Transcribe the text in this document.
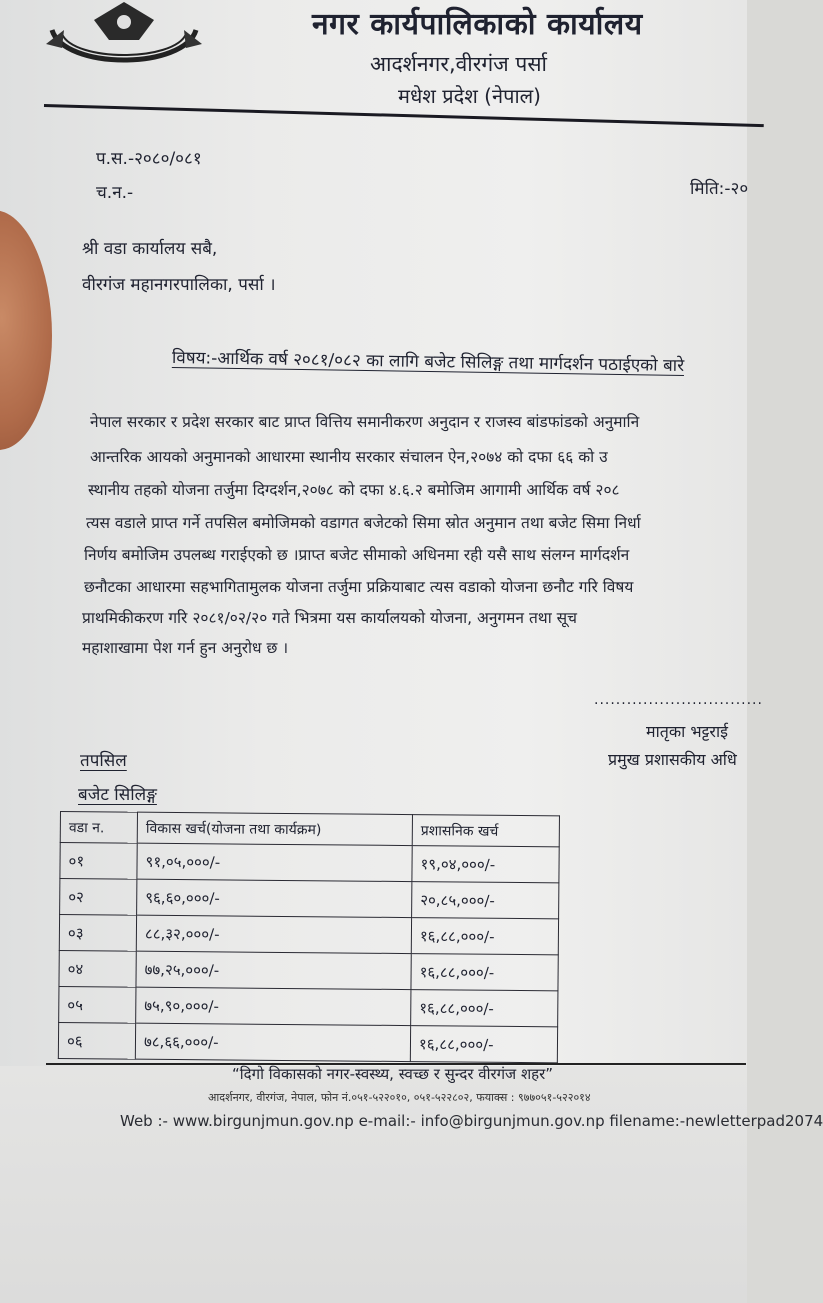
नगर कार्यपालिकाको कार्यालय
आदर्शनगर,वीरगंज पर्सा
मधेश प्रदेश (नेपाल)
प.स.-२०८०/०८१
च.न.-	मिति:-२०
श्री वडा कार्यालय सबै,
वीरगंज महानगरपालिका, पर्सा ।
विषय:-आर्थिक वर्ष २०८१/०८२ का लागि बजेट सिलिङ्ग तथा मार्गदर्शन पठाईएको बारे
नेपाल सरकार र प्रदेश सरकार बाट प्राप्त वित्तिय समानीकरण अनुदान र राजस्व बांडफांडको अनुमानि
आन्तरिक आयको अनुमानको आधारमा स्थानीय सरकार संचालन ऐन,२०७४ को दफा ६६ को उ
स्थानीय तहको योजना तर्जुमा दिग्दर्शन,२०७८ को दफा ४.६.२ बमोजिम आगामी आर्थिक वर्ष २०८
त्यस वडाले प्राप्त गर्ने तपसिल बमोजिमको वडागत बजेटको सिमा स्रोत अनुमान तथा बजेट सिमा निर्धा
निर्णय बमोजिम उपलब्ध गराईएको छ ।प्राप्त बजेट सीमाको अधिनमा रही यसै साथ संलग्न मार्गदर्शन
छनौटका आधारमा सहभागितामुलक योजना तर्जुमा प्रक्रियाबाट त्यस वडाको योजना छनौट गरि विषय
प्राथमिकीकरण गरि २०८१/०२/२० गते भित्रमा यस कार्यालयको योजना, अनुगमन तथा सूच
महाशाखामा पेश गर्न हुन अनुरोध छ ।
...............................
मातृका भट्टराई
प्रमुख प्रशासकीय अधि
तपसिल
बजेट सिलिङ्ग
वडा न.	विकास खर्च(योजना तथा कार्यक्रम)	प्रशासनिक खर्च
०१	९१,०५,०००/-	१९,०४,०००/-
०२	९६,६०,०००/-	२०,८५,०००/-
०३	८८,३२,०००/-	१६,८८,०००/-
०४	७७,२५,०००/-	१६,८८,०००/-
०५	७५,९०,०००/-	१६,८८,०००/-
०६	७८,६६,०००/-	१६,८८,०००/-
“दिगो विकासको नगर-स्वस्थ्य, स्वच्छ र सुन्दर वीरगंज शहर”
आदर्शनगर, वीरगंज, नेपाल, फोन नं.०५१-५२२०१०, ०५१-५२२८०२, फयाक्स : ९७७०५१-५२२०१४
Web :- www.birgunjmun.gov.np e-mail:- info@birgunjmun.gov.np filename:-newletterpad2074
